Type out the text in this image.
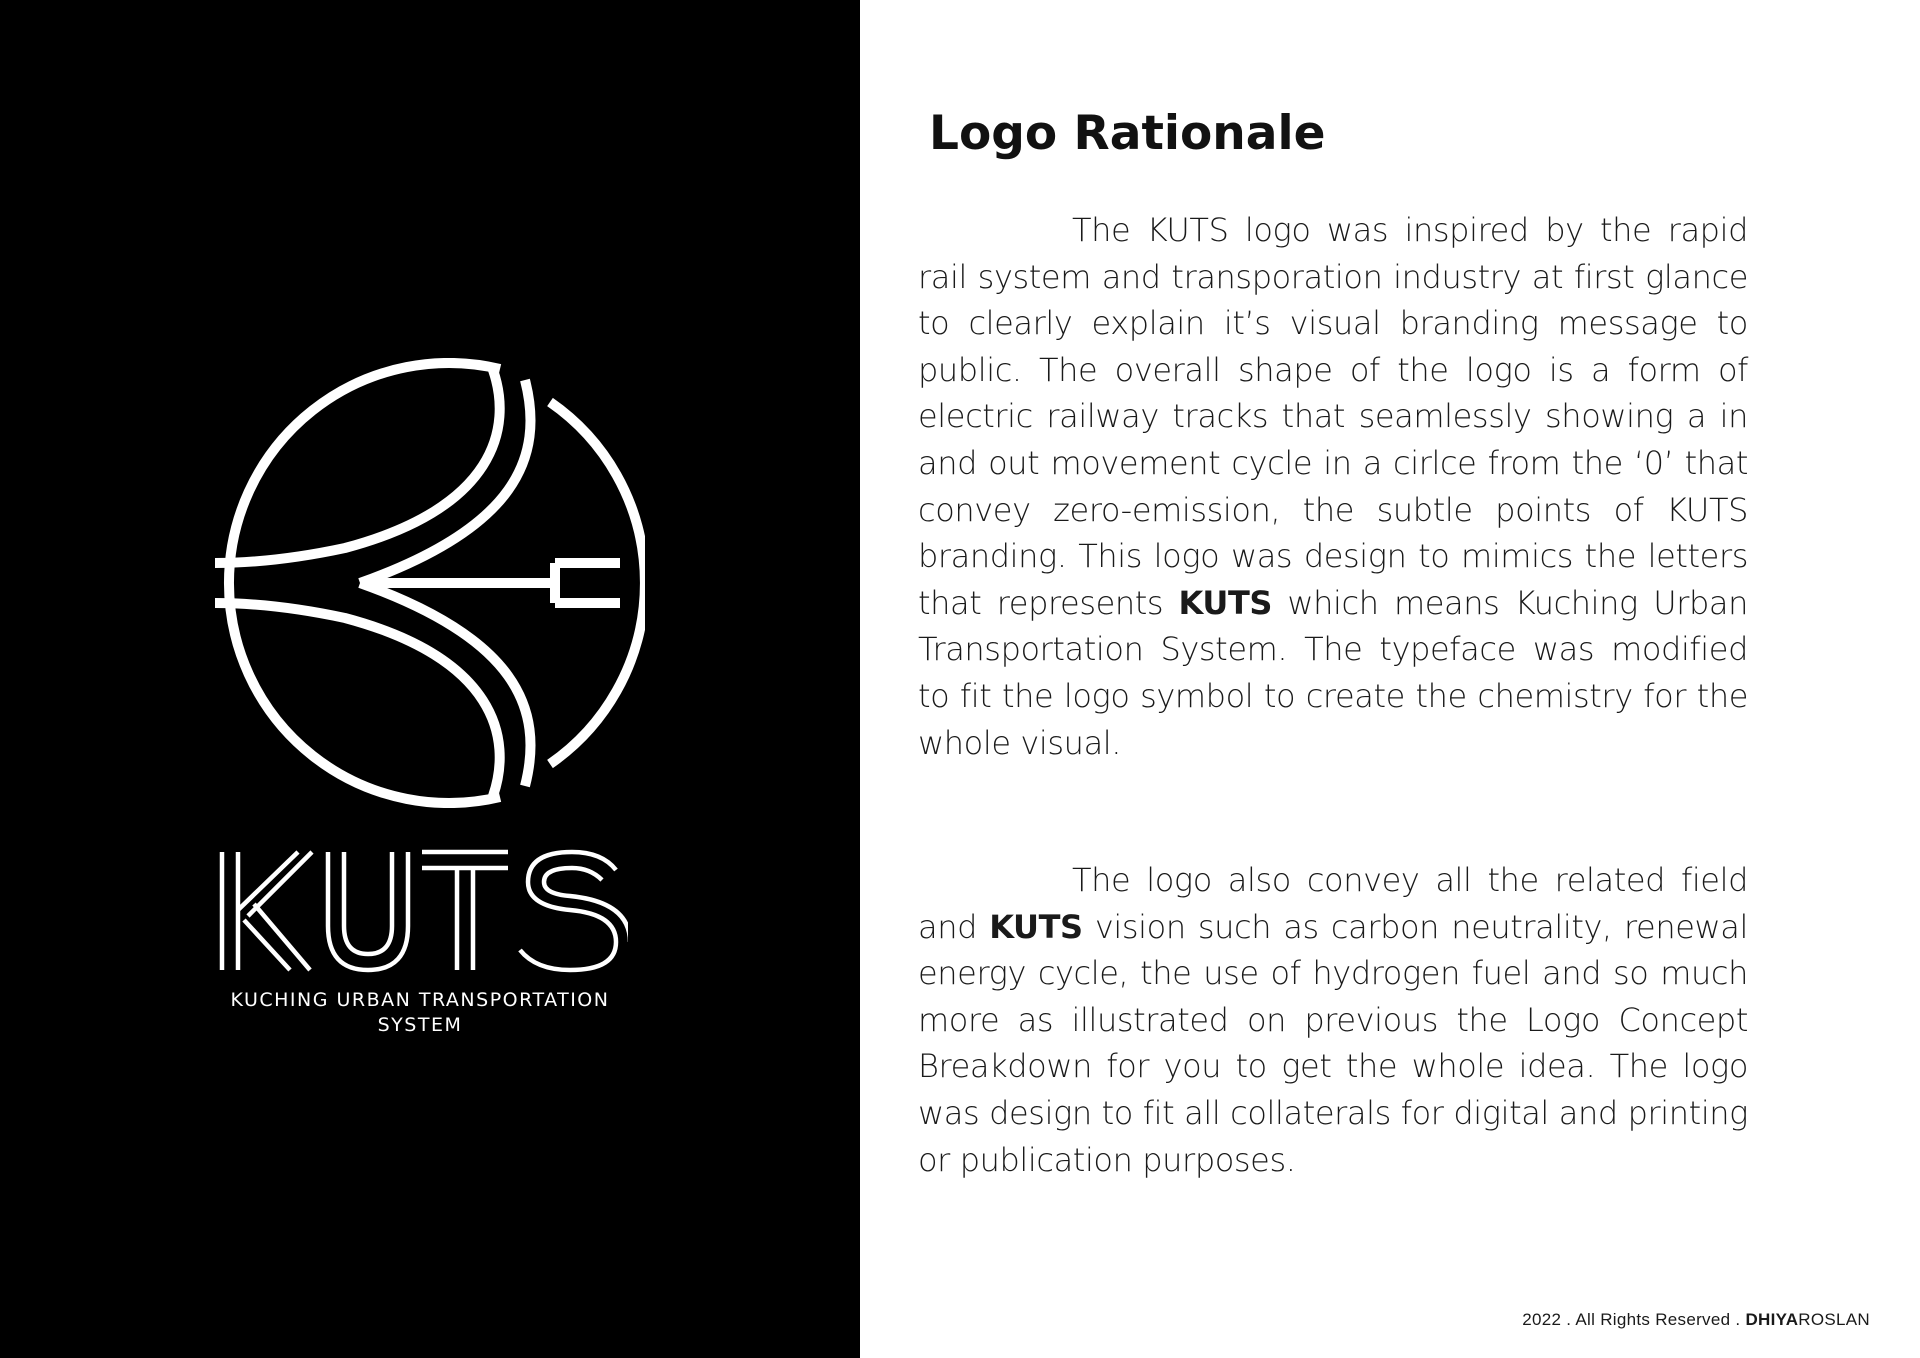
KUCHING URBAN TRANSPORTATION
SYSTEM
Logo Rationale

The KUTS logo was inspired by the rapid rail system and transporation industry at first glance to clearly explain it’s visual branding message to public. The overall shape of the logo is a form of electric railway tracks that seamlessly showing a in and out movement cycle in a cirlce from the ‘0’ that convey zero-emission, the subtle points of KUTS branding. This logo was design to mimics the letters that represents KUTS which means Kuching Urban Transportation System. The typeface was modified to fit the logo symbol to create the chemistry for the whole visual.

The logo also convey all the related field and KUTS vision such as carbon neutrality, renewal energy cycle, the use of hydrogen fuel and so much more as illustrated on previous the Logo Concept Breakdown for you to get the whole idea. The logo was design to fit all collaterals for digital and printing or publication purposes.

2022 . All Rights Reserved . DHIYAROSLAN
